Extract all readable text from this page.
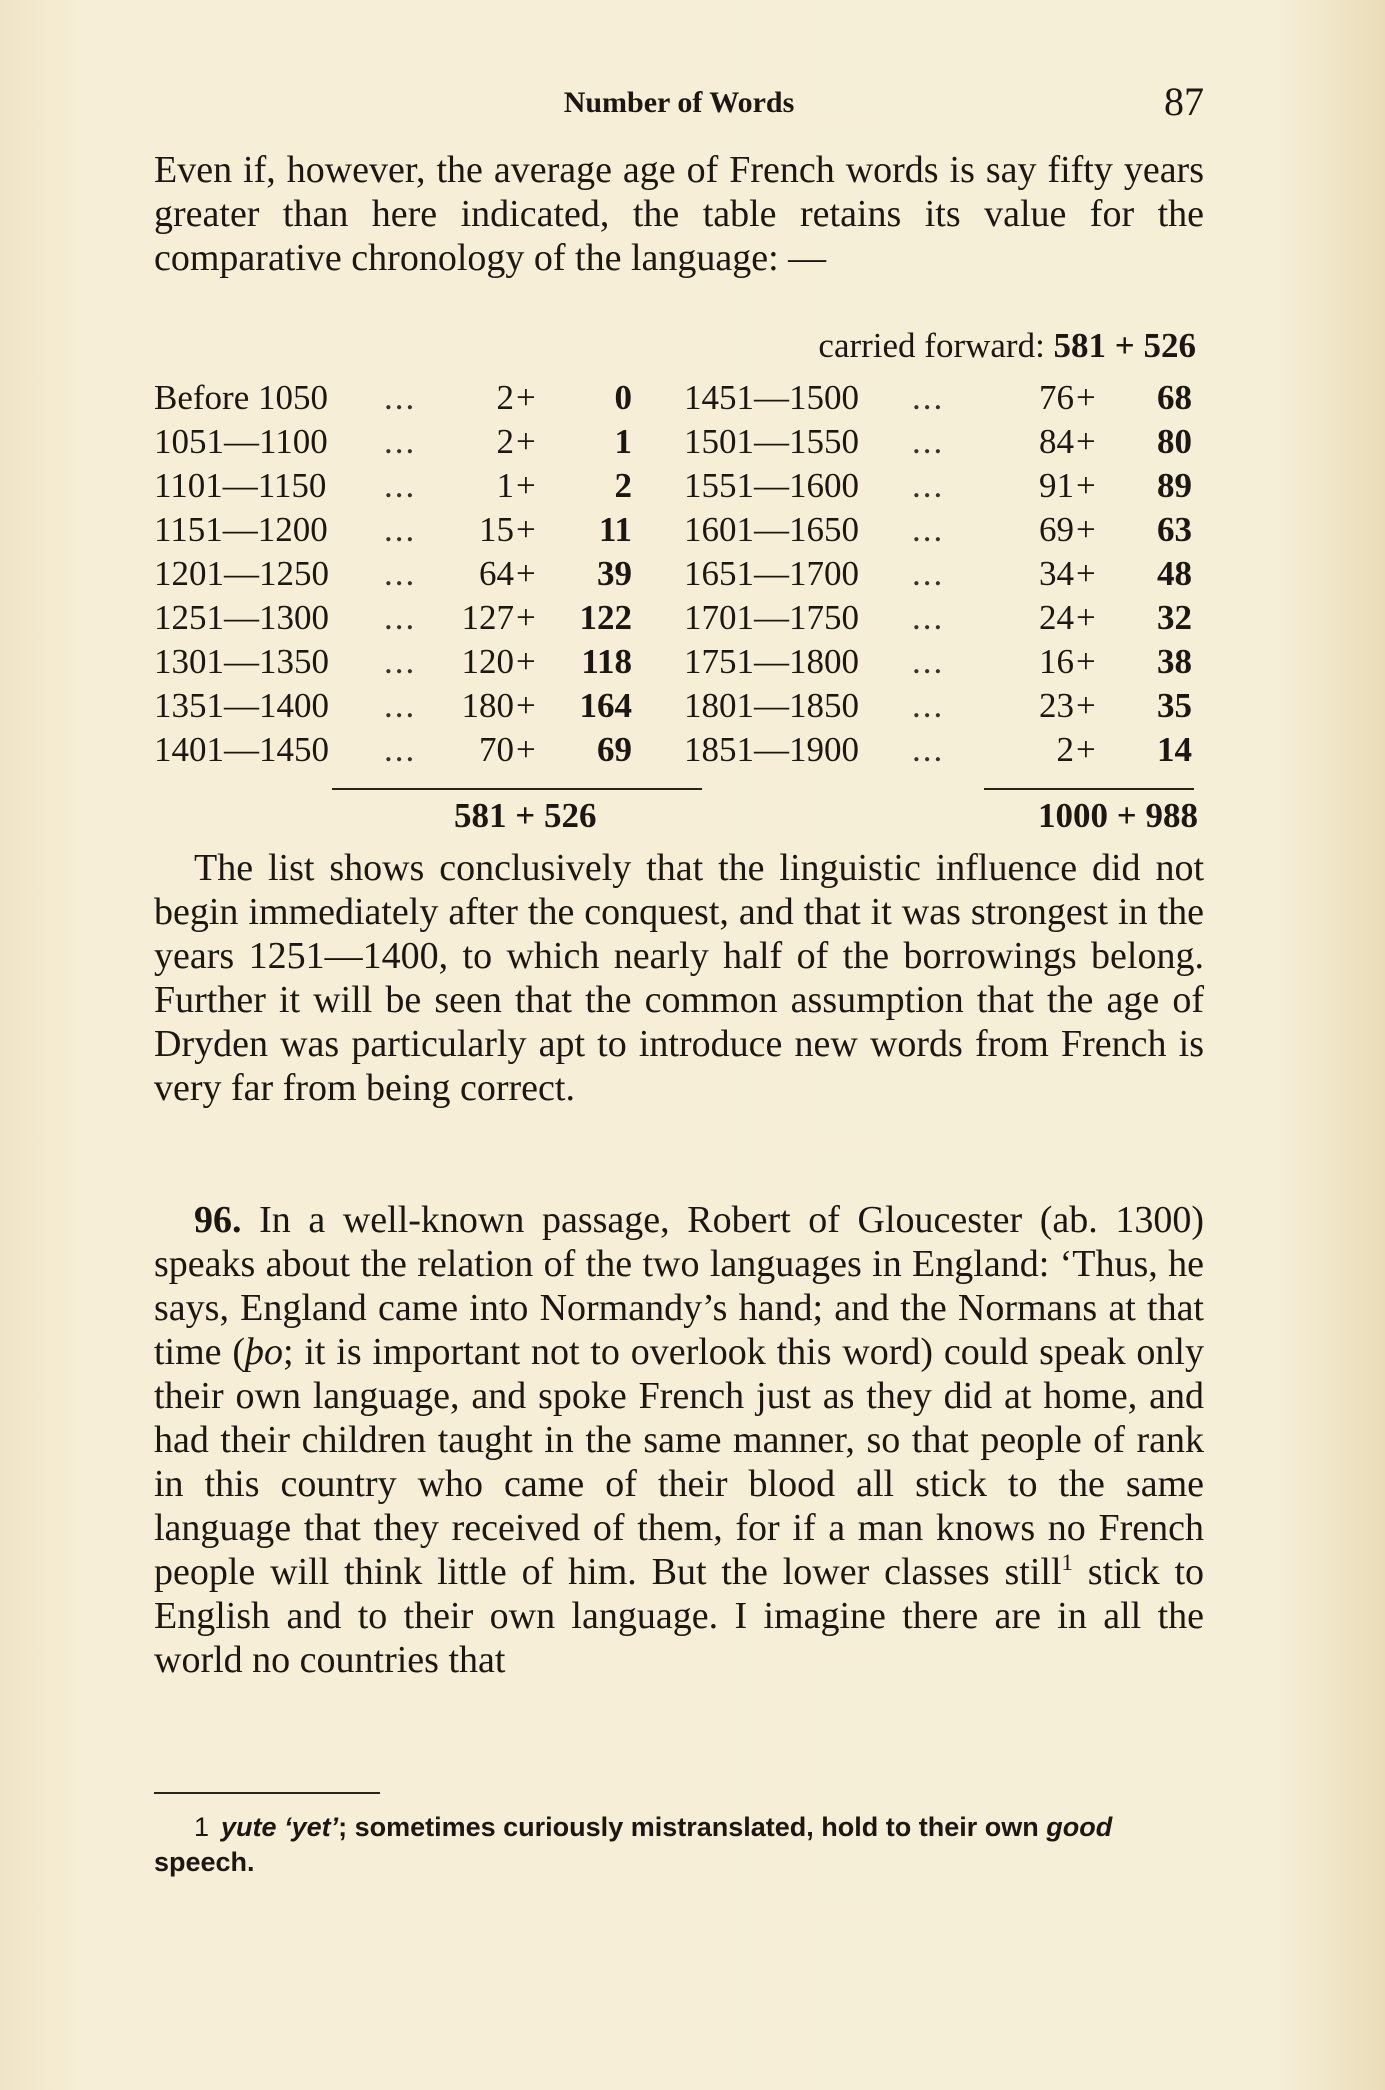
Number of Words	87

Even if, however, the average age of French words is say fifty years greater than here indicated, the table retains its value for the comparative chronology of the language: —

carried forward: 581 + 526
Before 1050 ...	2 +	0
1051—1100 ...	2 +	1
1101—1150 ...	1 +	2
1151—1200 ...	15 +	11
1201—1250 ...	64 +	39
1251—1300 ... 127 + 122
1301—1350 ... 120 + 118
1351—1400 ... 180 + 164
1401—1450 ...	70 +	69
1451—1500 ...	76 +	68
1501—1550 ...	84 +	80
1551—1600 ...	91 +	89
1601—1650 ...	69 +	63
1651—1700 ...	34 +	48
1701—1750 ...	24 +	32
1751—1800 ...	16 +	38
1801—1850 ...	23 +	35
1851—1900 ...	2 +	14
581 + 526	1000 + 988

The list shows conclusively that the linguistic influence did not begin immediately after the conquest, and that it was strongest in the years 1251—1400, to which nearly half of the borrowings belong. Further it will be seen that the common assumption that the age of Dryden was particularly apt to introduce new words from French is very far from being correct.

96. In a well-known passage, Robert of Gloucester (ab. 1300) speaks about the relation of the two languages in England: ‘Thus, he says, England came into Normandy’s hand; and the Normans at that time (þo; it is important not to overlook this word) could speak only their own language, and spoke French just as they did at home, and had their children taught in the same manner, so that people of rank in this country who came of their blood all stick to the same language that they received of them, for if a man knows no French people will think little of him. But the lower classes still$^1$ stick to English and to their own language. I imagine there are in all the world no countries that

1 yute ‘yet’; sometimes curiously mistranslated, hold to their own good speech.
